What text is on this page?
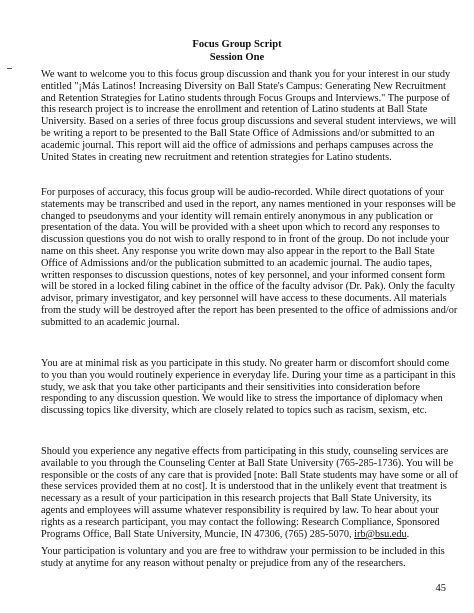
Focus Group Script
Session One

We want to welcome you to this focus group discussion and thank you for your interest in our study entitled "¡Más Latinos! Increasing Diversity on Ball State's Campus: Generating New Recruitment and Retention Strategies for Latino students through Focus Groups and Interviews." The purpose of this research project is to increase the enrollment and retention of Latino students at Ball State University. Based on a series of three focus group discussions and several student interviews, we will be writing a report to be presented to the Ball State Office of Admissions and/or submitted to an academic journal. This report will aid the office of admissions and perhaps campuses across the United States in creating new recruitment and retention strategies for Latino students.

For purposes of accuracy, this focus group will be audio-recorded. While direct quotations of your statements may be transcribed and used in the report, any names mentioned in your responses will be changed to pseudonyms and your identity will remain entirely anonymous in any publication or presentation of the data. You will be provided with a sheet upon which to record any responses to discussion questions you do not wish to orally respond to in front of the group. Do not include your name on this sheet. Any response you write down may also appear in the report to the Ball State Office of Admissions and/or the publication submitted to an academic journal. The audio tapes, written responses to discussion questions, notes of key personnel, and your informed consent form will be stored in a locked filing cabinet in the office of the faculty advisor (Dr. Pak). Only the faculty advisor, primary investigator, and key personnel will have access to these documents. All materials from the study will be destroyed after the report has been presented to the office of admissions and/or submitted to an academic journal.

You are at minimal risk as you participate in this study. No greater harm or discomfort should come to you than you would routinely experience in everyday life. During your time as a participant in this study, we ask that you take other participants and their sensitivities into consideration before responding to any discussion question. We would like to stress the importance of diplomacy when discussing topics like diversity, which are closely related to topics such as racism, sexism, etc.

Should you experience any negative effects from participating in this study, counseling services are available to you through the Counseling Center at Ball State University (765-285-1736). You will be responsible or the costs of any care that is provided [note: Ball State students may have some or all of these services provided them at no cost]. It is understood that in the unlikely event that treatment is necessary as a result of your participation in this research projects that Ball State University, its agents and employees will assume whatever responsibility is required by law. To hear about your rights as a research participant, you may contact the following: Research Compliance, Sponsored Programs Office, Ball State University, Muncie, IN 47306, (765) 285-5070, irb@bsu.edu.

Your participation is voluntary and you are free to withdraw your permission to be included in this study at anytime for any reason without penalty or prejudice from any of the researchers.

45
